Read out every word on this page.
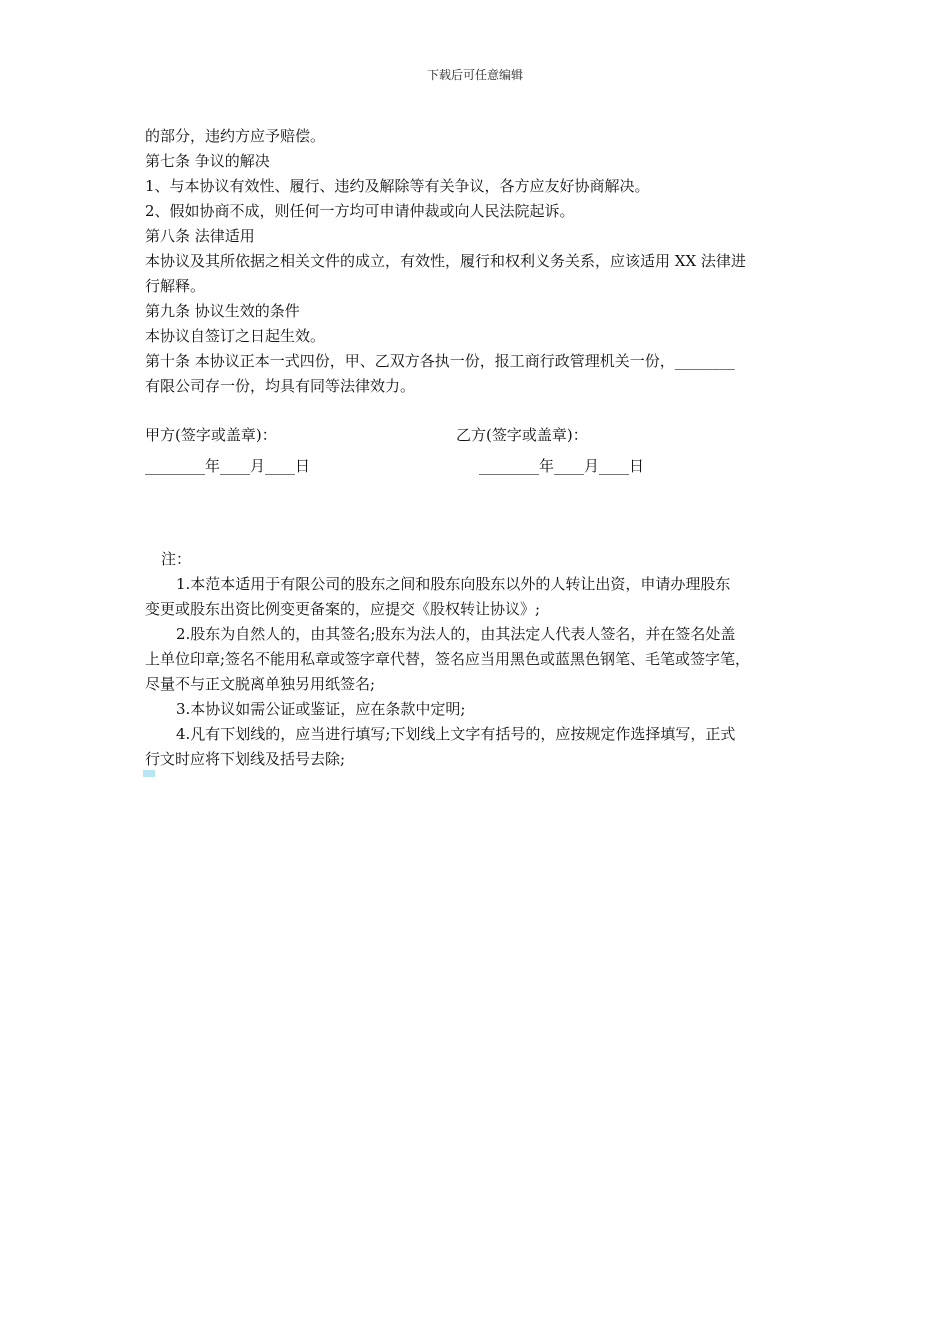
下载后可任意编辑
的部分，违约方应予赔偿。
第七条 争议的解决
1、与本协议有效性、履行、违约及解除等有关争议，各方应友好协商解决。
2、假如协商不成，则任何一方均可申请仲裁或向人民法院起诉。
第八条 法律适用
本协议及其所依据之相关文件的成立，有效性，履行和权利义务关系，应该适用 XX 法律进
行解释。
第九条 协议生效的条件
本协议自签订之日起生效。
第十条 本协议正本一式四份，甲、乙双方各执一份，报工商行政管理机关一份，________
有限公司存一份，均具有同等法律效力。
甲方(签字或盖章)：
________年____月____日
乙方(签字或盖章)：
________年____月____日
注：
1.本范本适用于有限公司的股东之间和股东向股东以外的人转让出资，申请办理股东
变更或股东出资比例变更备案的，应提交《股权转让协议》;
2.股东为自然人的，由其签名;股东为法人的，由其法定人代表人签名，并在签名处盖
上单位印章;签名不能用私章或签字章代替，签名应当用黑色或蓝黑色钢笔、毛笔或签字笔，
尽量不与正文脱离单独另用纸签名;
3.本协议如需公证或鉴证，应在条款中定明;
4.凡有下划线的，应当进行填写;下划线上文字有括号的，应按规定作选择填写，正式
行文时应将下划线及括号去除;
